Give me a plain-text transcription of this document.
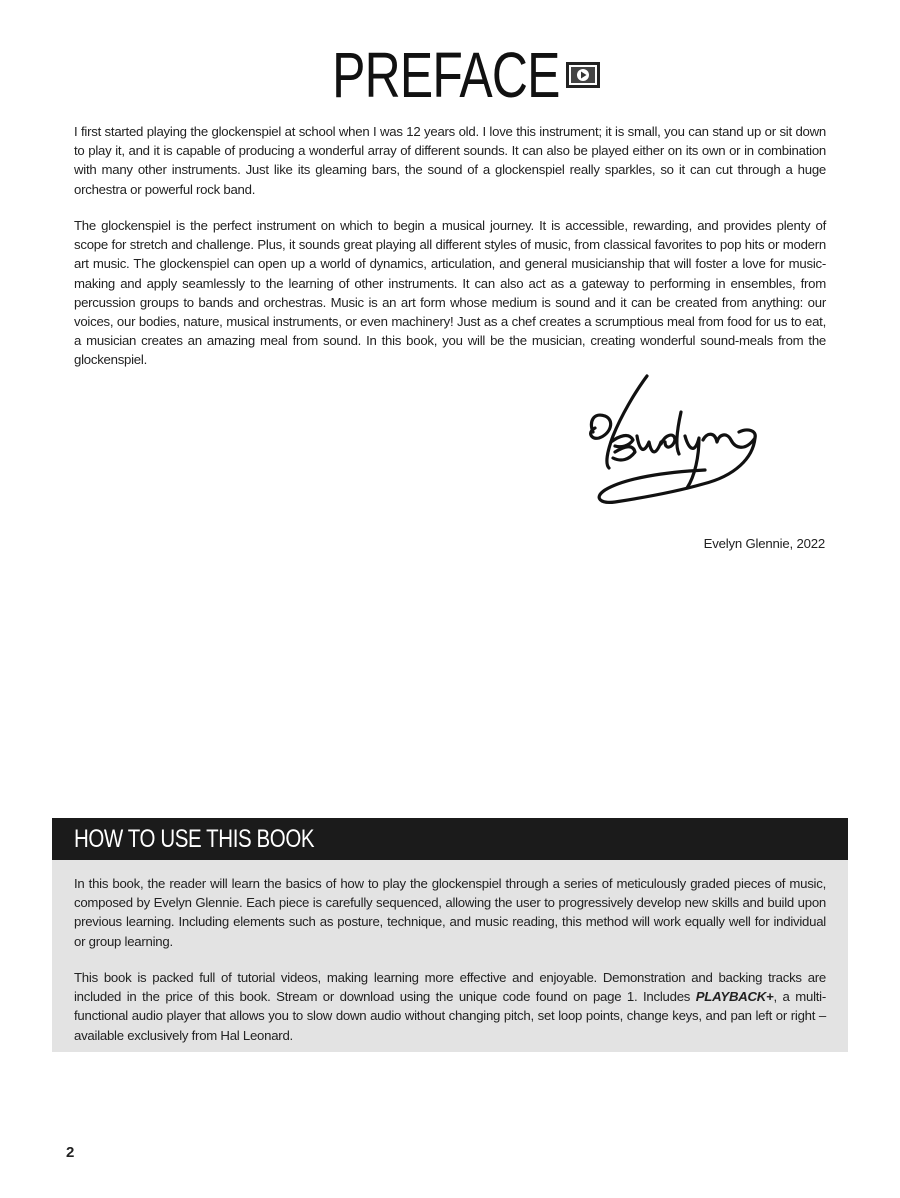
PREFACE

I first started playing the glockenspiel at school when I was 12 years old. I love this instrument; it is small, you can stand up or sit down to play it, and it is capable of producing a wonderful array of different sounds. It can also be played either on its own or in combination with many other instruments. Just like its gleaming bars, the sound of a glockenspiel really sparkles, so it can cut through a huge orchestra or powerful rock band.

The glockenspiel is the perfect instrument on which to begin a musical journey. It is accessible, rewarding, and provides plenty of scope for stretch and challenge. Plus, it sounds great playing all different styles of music, from classical favorites to pop hits or modern art music. The glockenspiel can open up a world of dynamics, articulation, and general musicianship that will foster a love for music-making and apply seamlessly to the learning of other instruments. It can also act as a gateway to performing in ensembles, from percussion groups to bands and orchestras. Music is an art form whose medium is sound and it can be created from anything: our voices, our bodies, nature, musical instruments, or even machinery! Just as a chef creates a scrumptious meal from food for us to eat, a musician creates an amazing meal from sound. In this book, you will be the musician, creating wonderful sound-meals from the glockenspiel.

Evelyn Glennie, 2022
HOW TO USE THIS BOOK

In this book, the reader will learn the basics of how to play the glockenspiel through a series of meticulously graded pieces of music, composed by Evelyn Glennie. Each piece is carefully sequenced, allowing the user to progressively develop new skills and build upon previous learning. Including elements such as posture, technique, and music reading, this method will work equally well for individual or group learning.

This book is packed full of tutorial videos, making learning more effective and enjoyable. Demonstration and backing tracks are included in the price of this book. Stream or download using the unique code found on page 1. Includes PLAYBACK+, a multi-functional audio player that allows you to slow down audio without changing pitch, set loop points, change keys, and pan left or right – available exclusively from Hal Leonard.

2
